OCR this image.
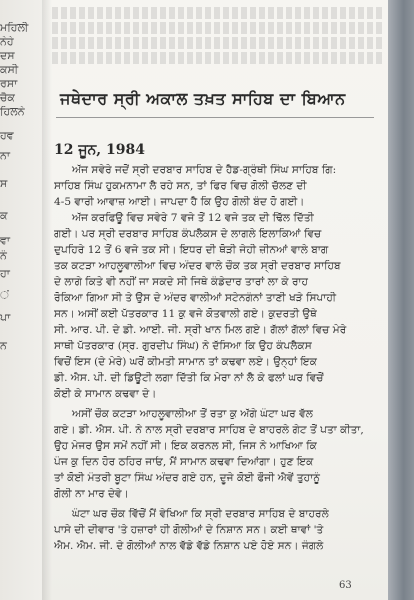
ਮਹਿਲੀ
ਨੇਹੇ
ਦਸ
ਕਸੀ
ਰਸਾ
ਚੈਕ
ਹਿਲਨੇ
ਹਵ
ਨਾ
ਸ
ਕ
ਵਾ
ਨੰ
ਹਾ
ਂ
ਪਾ
ਨ
ਜਥੇਦਾਰ ਸ੍ਰੀ ਅਕਾਲ ਤਖ਼ਤ ਸਾਹਿਬ ਦਾ ਬਿਆਨ
12 ਜੂਨ, 1984
ਅੱਜ ਸਵੇਰੇ ਜਦੋਂ ਸ੍ਰੀ ਦਰਬਾਰ ਸਾਹਿਬ ਦੇ ਹੈਡ-ਗ੍ਰੰਥੀ ਸਿੰਘ ਸਾਹਿਬ ਗਿ:
ਸਾਹਿਬ ਸਿੰਘ ਹੁਕਮਨਾਮਾ ਲੈ ਰਹੇ ਸਨ, ਤਾਂ ਫਿਰ ਵਿਚ ਗੋਲੀ ਚੱਲਣ ਦੀ
4-5 ਵਾਰੀ ਆਵਾਜ਼ ਆਈ। ਜਾਪਦਾ ਹੈ ਕਿ ਉਹ ਗੋਲੀ ਬੰਦ ਹੋ ਗਈ।
ਅੱਜ ਕਰਫਿਊ ਵਿਚ ਸਵੇਰੇ 7 ਵਜੇ ਤੋਂ 12 ਵਜੇ ਤਕ ਦੀ ਢਿੱਲ ਦਿੱਤੀ
ਗਈ। ਪਰ ਸ੍ਰੀ ਦਰਬਾਰ ਸਾਹਿਬ ਕੰਪਲੈਕਸ ਦੇ ਲਾਗਲੇ ਇਲਾਕਿਆਂ ਵਿਚ
ਦੁਪਹਿਰੇ 12 ਤੋਂ 6 ਵਜੇ ਤਕ ਸੀ। ਇਧਰ ਦੀ ਥੋੜੀ ਜੇਹੀ ਜ਼ੀਨਆਂ ਵਾਲੇ ਬਾਗ
ਤਕ ਕਟੜਾ ਆਹਲੂਵਾਲੀਆ ਵਿਚ ਅੰਦਰ ਵਾਲੇ ਚੌਕ ਤਕ ਸ੍ਰੀ ਦਰਬਾਰ ਸਾਹਿਬ
ਦੇ ਲਾਗੇ ਕਿਤੇ ਵੀ ਨਹੀਂ ਜਾ ਸਕਦੇ ਸੀ ਜਿਥੇ ਕੰਡੇਦਾਰ ਤਾਰਾਂ ਲਾ ਕੇ ਰਾਹ
ਰੋਕਿਆ ਗਿਆ ਸੀ ਤੇ ਉਸ ਦੇ ਅੰਦਰ ਵਾਲੀਆਂ ਸਟੇਨਗੰਨਾਂ ਤਾਣੀ ਖੜੇ ਸਿਪਾਹੀ
ਸਨ। ਅਸੀਂ ਕਈ ਪੱਤਰਕਾਰ 11 ਕੁ ਵਜੇ ਕੋਤਵਾਲੀ ਗਏ। ਕੁਦਰਤੀ ਉਥੇ
ਸੀ. ਆਰ. ਪੀ. ਦੇ ਡੀ. ਆਈ. ਜੀ. ਸ੍ਰੀ ਖਾਨ ਮਿਲ ਗਏ। ਗੱਲਾਂ ਗੱਲਾਂ ਵਿਚ ਮੇਰੇ
ਸਾਥੀ ਪੱਤਰਕਾਰ (ਸ੍ਰ. ਗੁਰਦੀਪ ਸਿੰਘ) ਨੇ ਦੱਸਿਆ ਕਿ ਉਹ ਕੰਪਲੈਕਸ
ਵਿਚੋਂ ਇਸ (ਦੇ ਮੇਰੇ) ਘਰੋਂ ਕੀਮਤੀ ਸਾਮਾਨ ਤਾਂ ਕਢਵਾ ਲਏ। ਉਨ੍ਹਾਂ ਇਕ
ਡੀ. ਐਸ. ਪੀ. ਦੀ ਡਿਊਟੀ ਲਗਾ ਦਿੱਤੀ ਕਿ ਮੇਰਾ ਨਾਂ ਲੈ ਕੇ ਫਲਾਂ ਘਰ ਵਿਚੋਂ
ਕੋਈ ਕੇ ਸਾਮਾਨ ਕਢਵਾ ਦੇ।
ਅਸੀਂ ਚੌਕ ਕਟੜਾ ਆਹਲੂਵਾਲੀਆ ਤੋਂ ਰਤਾ ਕੁ ਅੱਗੇ ਘੰਟਾ ਘਰ ਵੱਲ
ਗਏ। ਡੀ. ਐਸ. ਪੀ. ਨੇ ਨਾਲ ਸ੍ਰੀ ਦਰਬਾਰ ਸਾਹਿਬ ਦੇ ਬਾਹਰਲੇ ਗੇਟ ਤੋਂ ਪਤਾ ਕੀਤਾ,
ਉਹ ਮੇਜਰ ਉਸ ਸਮੇਂ ਨਹੀਂ ਸੀ। ਇਕ ਕਰਨਲ ਸੀ, ਜਿਸ ਨੇ ਆਖਿਆ ਕਿ
ਪੰਜ ਕੁ ਦਿਨ ਹੋਰ ਠਹਿਰ ਜਾਓ, ਮੈਂ ਸਾਮਾਨ ਕਢਵਾ ਦਿਆਂਗਾ। ਹੁਣ ਇਕ
ਤਾਂ ਕੋਈ ਮੰਤਰੀ ਬੂਟਾ ਸਿੰਘ ਅੰਦਰ ਗਏ ਹਨ, ਦੂਜੇ ਕੋਈ ਫੌਜੀ ਐਵੇਂ ਤੁਹਾਨੂੰ
ਗੋਲੀ ਨਾ ਮਾਰ ਦੇਵੇ।
ਘੰਟਾ ਘਰ ਚੌਕ ਵਿੱਚੋਂ ਮੈਂ ਵੇਖਿਆ ਕਿ ਸ੍ਰੀ ਦਰਬਾਰ ਸਾਹਿਬ ਦੇ ਬਾਹਰਲੇ
ਪਾਸੇ ਦੀ ਦੀਵਾਰ 'ਤੇ ਹਜ਼ਾਰਾਂ ਹੀ ਗੋਲੀਆਂ ਦੇ ਨਿਸ਼ਾਨ ਸਨ। ਕਈ ਥਾਵਾਂ 'ਤੇ
ਐਮ. ਐਮ. ਜੀ. ਦੇ ਗੋਲੀਆਂ ਨਾਲ ਵੱਡੇ ਵੱਡੇ ਨਿਸ਼ਾਨ ਪਏ ਹੋਏ ਸਨ। ਜੰਗਲੇ
63
